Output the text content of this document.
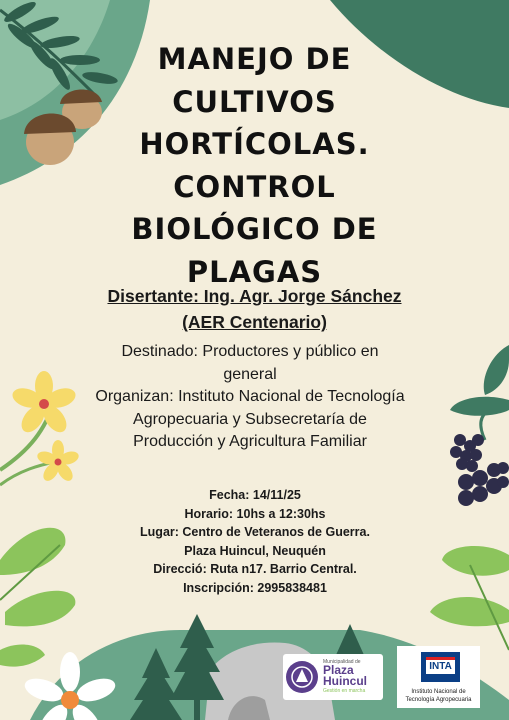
MANEJO DE
CULTIVOS
HORTÍCOLAS.
CONTROL
BIOLÓGICO DE
PLAGAS
Disertante: Ing. Agr. Jorge Sánchez
(AER Centenario)

Destinado: Productores y público en general

Organizan: Instituto Nacional de Tecnología Agropecuaria y Subsecretaría de Producción y Agricultura Familiar

Fecha: 14/11/25

Horario: 10hs a 12:30hs

Lugar: Centro de Veteranos de Guerra.

Plaza Huincul, Neuquén

Direcció: Ruta n17. Barrio Central.

Inscripción: 2995838481

Municipalidad de
Plaza
Huincul
Gestión en marcha
INTA
Instituto Nacional de
Tecnología Agropecuaria
